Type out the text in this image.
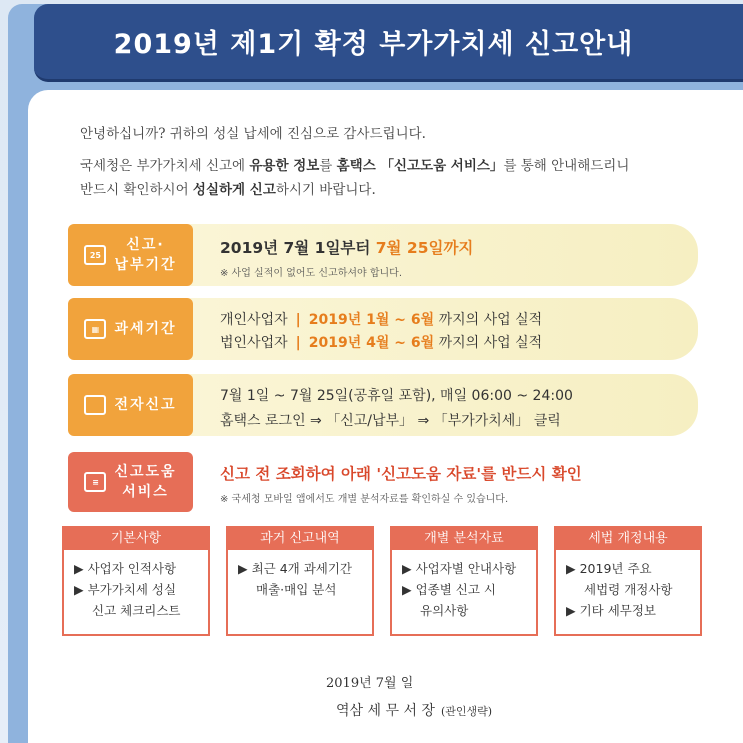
2019년 제1기 확정 부가가치세 신고안내
안녕하십니까? 귀하의 성실 납세에 진심으로 감사드립니다.
국세청은 부가가치세 신고에 유용한 정보를 홈택스 「신고도움 서비스」를 통해 안내해드리니
반드시 확인하시어 성실하게 신고하시기 바랍니다.
25
신고·
납부기간
2019년 7월 1일부터 7월 25일까지
※ 사업 실적이 없어도 신고하셔야 합니다.
▦	과세기간
개인사업자 | 2019년 1월 ~ 6월 까지의 사업 실적
법인사업자 | 2019년 4월 ~ 6월 까지의 사업 실적
전자신고
7월 1일 ~ 7월 25일(공휴일 포함), 매일 06:00 ~ 24:00
홈택스 로그인 ⇒ 「신고/납부」 ⇒ 「부가가치세」 클릭
≡
신고도움
서비스
신고 전 조회하여 아래 '신고도움 자료'를 반드시 확인
※ 국세청 모바일 앱에서도 개별 분석자료를 확인하실 수 있습니다.
기본사항
▶ 사업자 인적사항
▶ 부가가치세 성실
신고 체크리스트
과거 신고내역
▶ 최근 4개 과세기간
매출·매입 분석
개별 분석자료
▶ 사업자별 안내사항
▶ 업종별 신고 시
유의사항
세법 개정내용
▶ 2019년 주요
세법령 개정사항
▶ 기타 세무정보
2019년 7월 일
역삼 세 무 서 장 (관인생략)
